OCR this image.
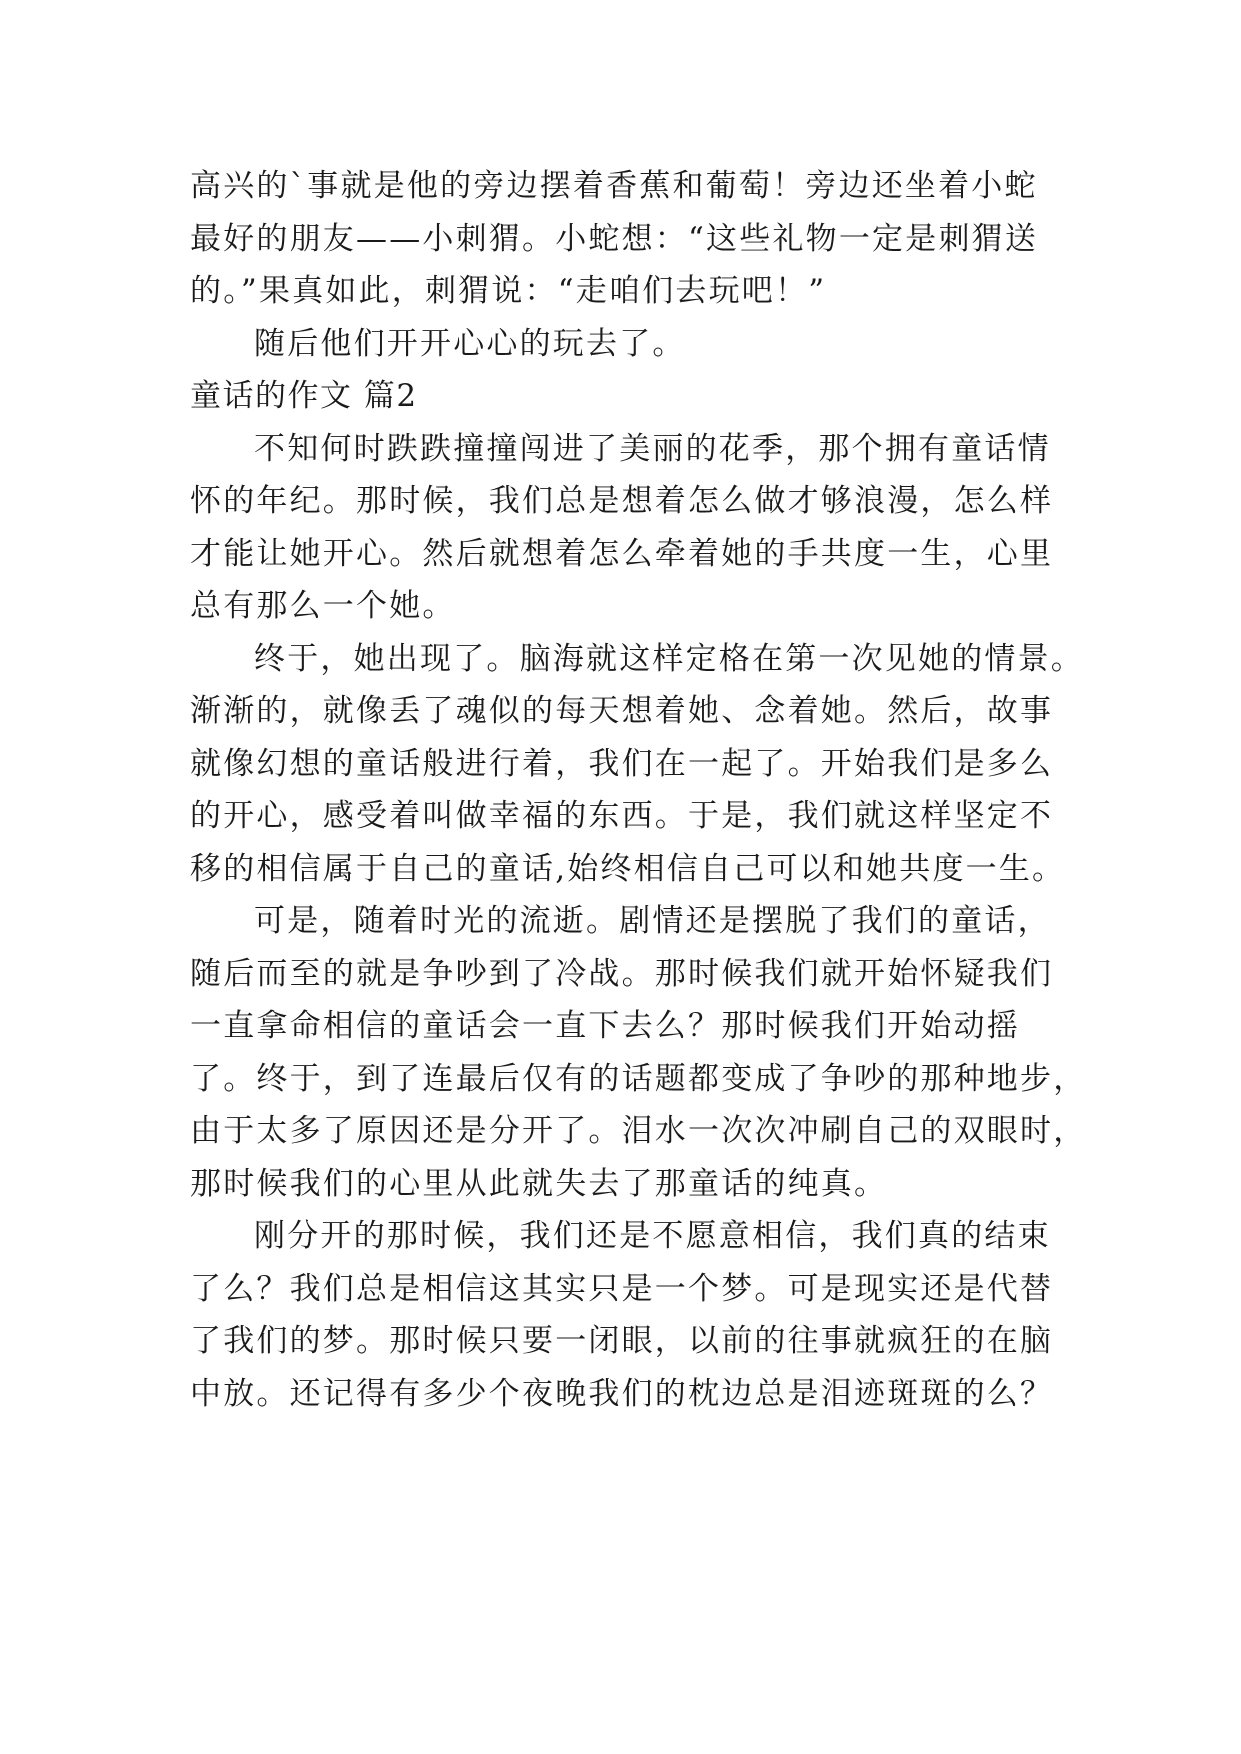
高兴的`事就是他的旁边摆着香蕉和葡萄！旁边还坐着小蛇
最好的朋友——小刺猬。小蛇想：“这些礼物一定是刺猬送
的。”果真如此，刺猬说：“走咱们去玩吧！”
随后他们开开心心的玩去了。
童话的作文 篇2
不知何时跌跌撞撞闯进了美丽的花季，那个拥有童话情
怀的年纪。那时候，我们总是想着怎么做才够浪漫，怎么样
才能让她开心。然后就想着怎么牵着她的手共度一生，心里
总有那么一个她。
终于，她出现了。脑海就这样定格在第一次见她的情景。
渐渐的，就像丢了魂似的每天想着她、念着她。然后，故事
就像幻想的童话般进行着，我们在一起了。开始我们是多么
的开心，感受着叫做幸福的东西。于是，我们就这样坚定不
移的相信属于自己的童话,始终相信自己可以和她共度一生。
可是，随着时光的流逝。剧情还是摆脱了我们的童话，
随后而至的就是争吵到了冷战。那时候我们就开始怀疑我们
一直拿命相信的童话会一直下去么？那时候我们开始动摇
了。终于，到了连最后仅有的话题都变成了争吵的那种地步，
由于太多了原因还是分开了。泪水一次次冲刷自己的双眼时，
那时候我们的心里从此就失去了那童话的纯真。
刚分开的那时候，我们还是不愿意相信，我们真的结束
了么？我们总是相信这其实只是一个梦。可是现实还是代替
了我们的梦。那时候只要一闭眼，以前的往事就疯狂的在脑
中放。还记得有多少个夜晚我们的枕边总是泪迹斑斑的么？
